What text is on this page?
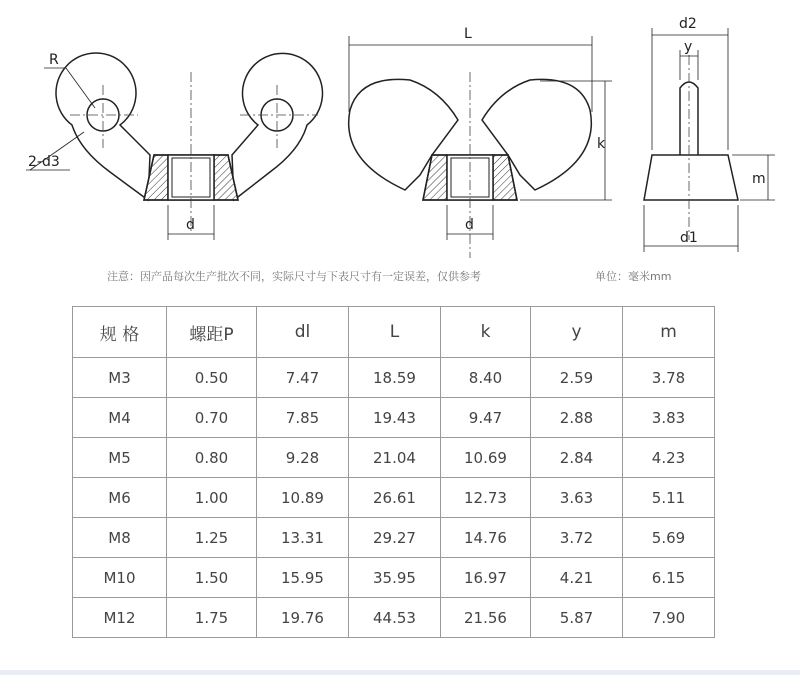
R
2-d3
d
L
k
d
d2
y
m
d1
注意：因产品每次生产批次不同，实际尺寸与下表尺寸有一定误差，仅供参考	单位：毫米mm
规 格	螺距P	dl	L	k	y	m
M3	0.50	7.47	18.59	8.40	2.59	3.78
M4	0.70	7.85	19.43	9.47	2.88	3.83
M5	0.80	9.28	21.04	10.69	2.84	4.23
M6	1.00	10.89	26.61	12.73	3.63	5.11
M8	1.25	13.31	29.27	14.76	3.72	5.69
M10	1.50	15.95	35.95	16.97	4.21	6.15
M12	1.75	19.76	44.53	21.56	5.87	7.90
